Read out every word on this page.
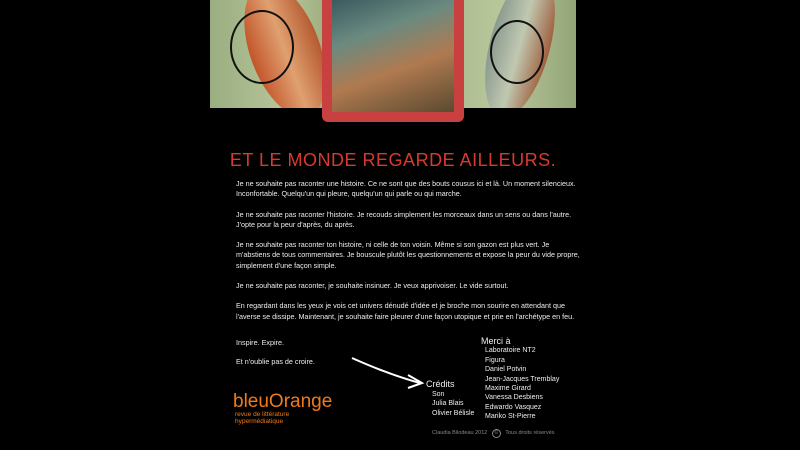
ET LE MONDE REGARDE AILLEURS.

Je ne souhaite pas raconter une histoire. Ce ne sont que des bouts cousus ici et là. Un moment silencieux. Inconfortable. Quelqu'un qui pleure, quelqu'un qui parle ou qui marche.

Je ne souhaite pas raconter l'histoire. Je recouds simplement les morceaux dans un sens ou dans l'autre. J'opte pour la peur d'après, du après.

Je ne souhaite pas raconter ton histoire, ni celle de ton voisin. Même si son gazon est plus vert. Je m'abstiens de tous commentaires. Je bouscule plutôt les questionnements et expose la peur du vide propre, simplement d'une façon simple.

Je ne souhaite pas raconter, je souhaite insinuer. Je veux apprivoiser. Le vide surtout.

En regardant dans les yeux je vois cet univers dénudé d'idée et je broche mon sourire en attendant que l'averse se dissipe. Maintenant, je souhaite faire pleurer d'une façon utopique et prie en l'archétype en feu.

Inspire. Expire.

Et n'oublie pas de croire.

Crédits
Son
Julia Blais
Olivier Bélisle
Merci à
Laboratoire NT2
Figura
Daniel Potvin
Jean-Jacques Tremblay
Maxime Girard
Vanessa Desbiens
Edwardo Vasquez
Mariko St-Pierre
bleuOrange
revue de littérature
hypermédiatique
Claudia Bilodeau 2012 © Tous droits réservés
